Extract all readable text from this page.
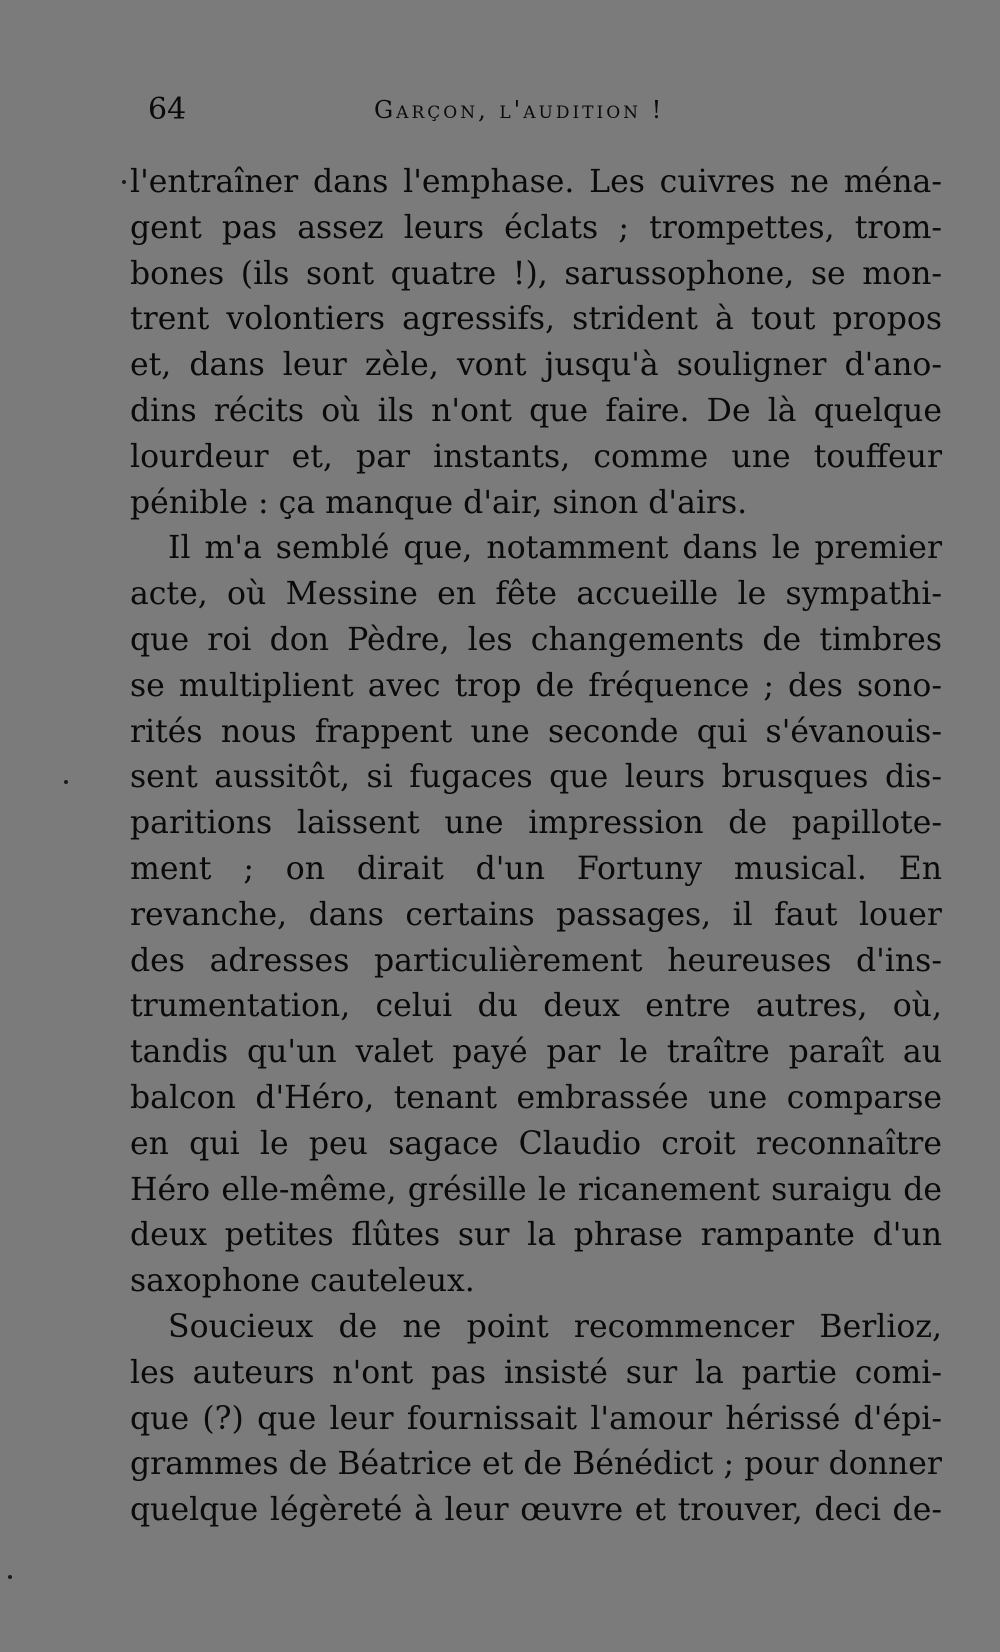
64	Garçon, l'audition !
l'entraîner dans l'emphase. Les cuivres ne ména-
gent pas assez leurs éclats ; trompettes, trom-
bones (ils sont quatre !), sarussophone, se mon-
trent volontiers agressifs, strident à tout propos
et, dans leur zèle, vont jusqu'à souligner d'ano-
dins récits où ils n'ont que faire. De là quelque
lourdeur et, par instants, comme une touffeur
pénible : ça manque d'air, sinon d'airs.
Il m'a semblé que, notamment dans le premier
acte, où Messine en fête accueille le sympathi-
que roi don Pèdre, les changements de timbres
se multiplient avec trop de fréquence ; des sono-
rités nous frappent une seconde qui s'évanouis-
sent aussitôt, si fugaces que leurs brusques dis-
paritions laissent une impression de papillote-
ment ; on dirait d'un Fortuny musical. En
revanche, dans certains passages, il faut louer
des adresses particulièrement heureuses d'ins-
trumentation, celui du deux entre autres, où,
tandis qu'un valet payé par le traître paraît au
balcon d'Héro, tenant embrassée une comparse
en qui le peu sagace Claudio croit reconnaître
Héro elle-même, grésille le ricanement suraigu de
deux petites flûtes sur la phrase rampante d'un
saxophone cauteleux.
Soucieux de ne point recommencer Berlioz,
les auteurs n'ont pas insisté sur la partie comi-
que (?) que leur fournissait l'amour hérissé d'épi-
grammes de Béatrice et de Bénédict ; pour donner
quelque légèreté à leur œuvre et trouver, deci de-
